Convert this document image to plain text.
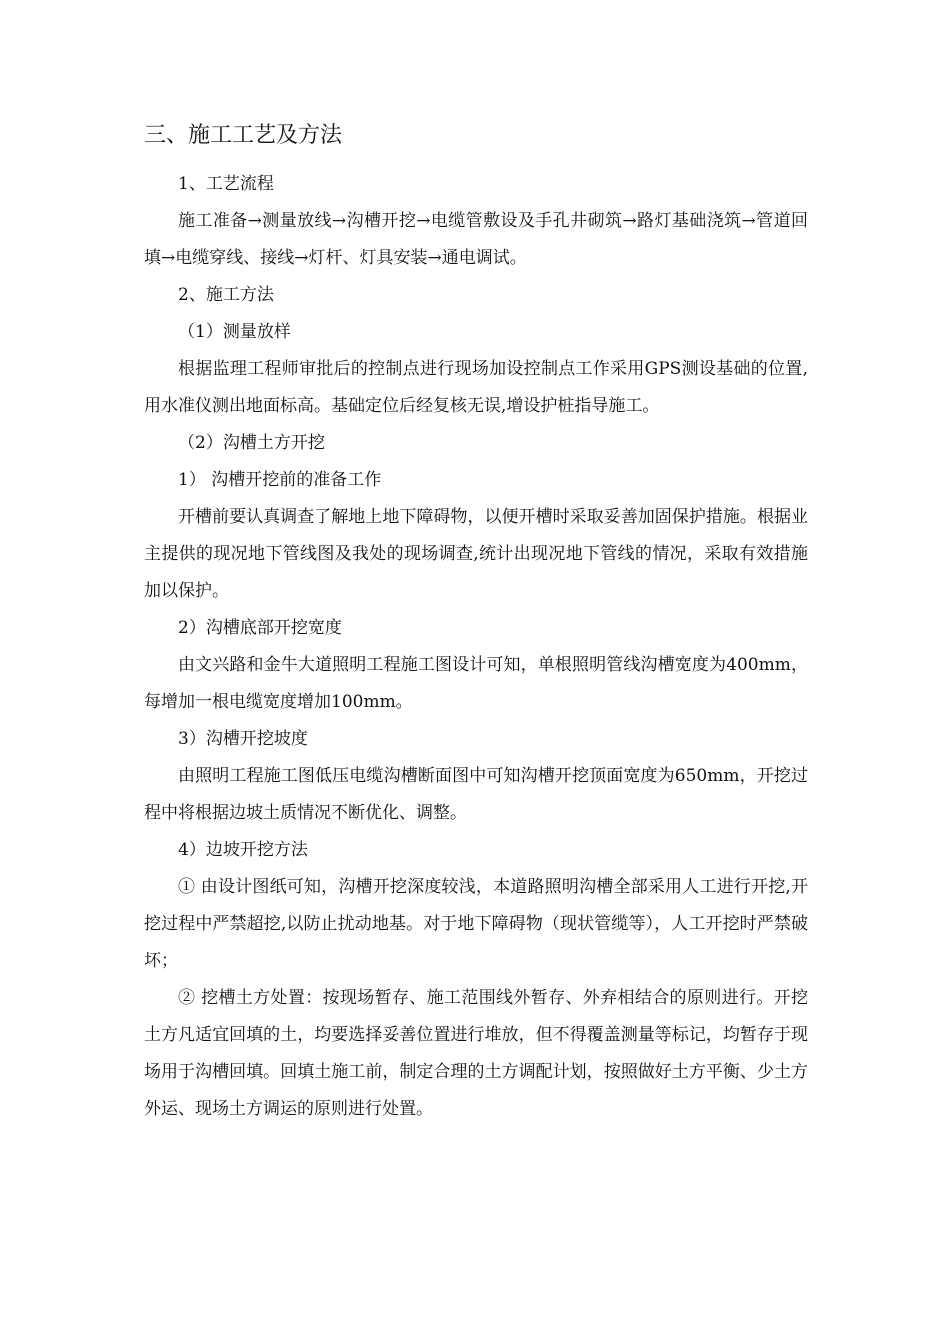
三、施工工艺及方法

1、工艺流程

施工准备→测量放线→沟槽开挖→电缆管敷设及手孔井砌筑→路灯基础浇筑→管道回填→电缆穿线、接线→灯杆、灯具安装→通电调试。

2、施工方法

（1）测量放样

根据监理工程师审批后的控制点进行现场加设控制点工作采用GPS测设基础的位置,用水准仪测出地面标高。基础定位后经复核无误,增设护桩指导施工。

（2）沟槽土方开挖

1） 沟槽开挖前的准备工作

开槽前要认真调查了解地上地下障碍物，以便开槽时采取妥善加固保护措施。根据业主提供的现况地下管线图及我处的现场调查,统计出现况地下管线的情况，采取有效措施加以保护。

2）沟槽底部开挖宽度

由文兴路和金牛大道照明工程施工图设计可知，单根照明管线沟槽宽度为400mm，每增加一根电缆宽度增加100mm。

3）沟槽开挖坡度

由照明工程施工图低压电缆沟槽断面图中可知沟槽开挖顶面宽度为650mm，开挖过程中将根据边坡土质情况不断优化、调整。

4）边坡开挖方法

① 由设计图纸可知，沟槽开挖深度较浅，本道路照明沟槽全部采用人工进行开挖,开挖过程中严禁超挖,以防止扰动地基。对于地下障碍物（现状管缆等），人工开挖时严禁破坏；

② 挖槽土方处置：按现场暂存、施工范围线外暂存、外弃相结合的原则进行。开挖土方凡适宜回填的土，均要选择妥善位置进行堆放，但不得覆盖测量等标记，均暂存于现场用于沟槽回填。回填土施工前，制定合理的土方调配计划，按照做好土方平衡、少土方外运、现场土方调运的原则进行处置。
